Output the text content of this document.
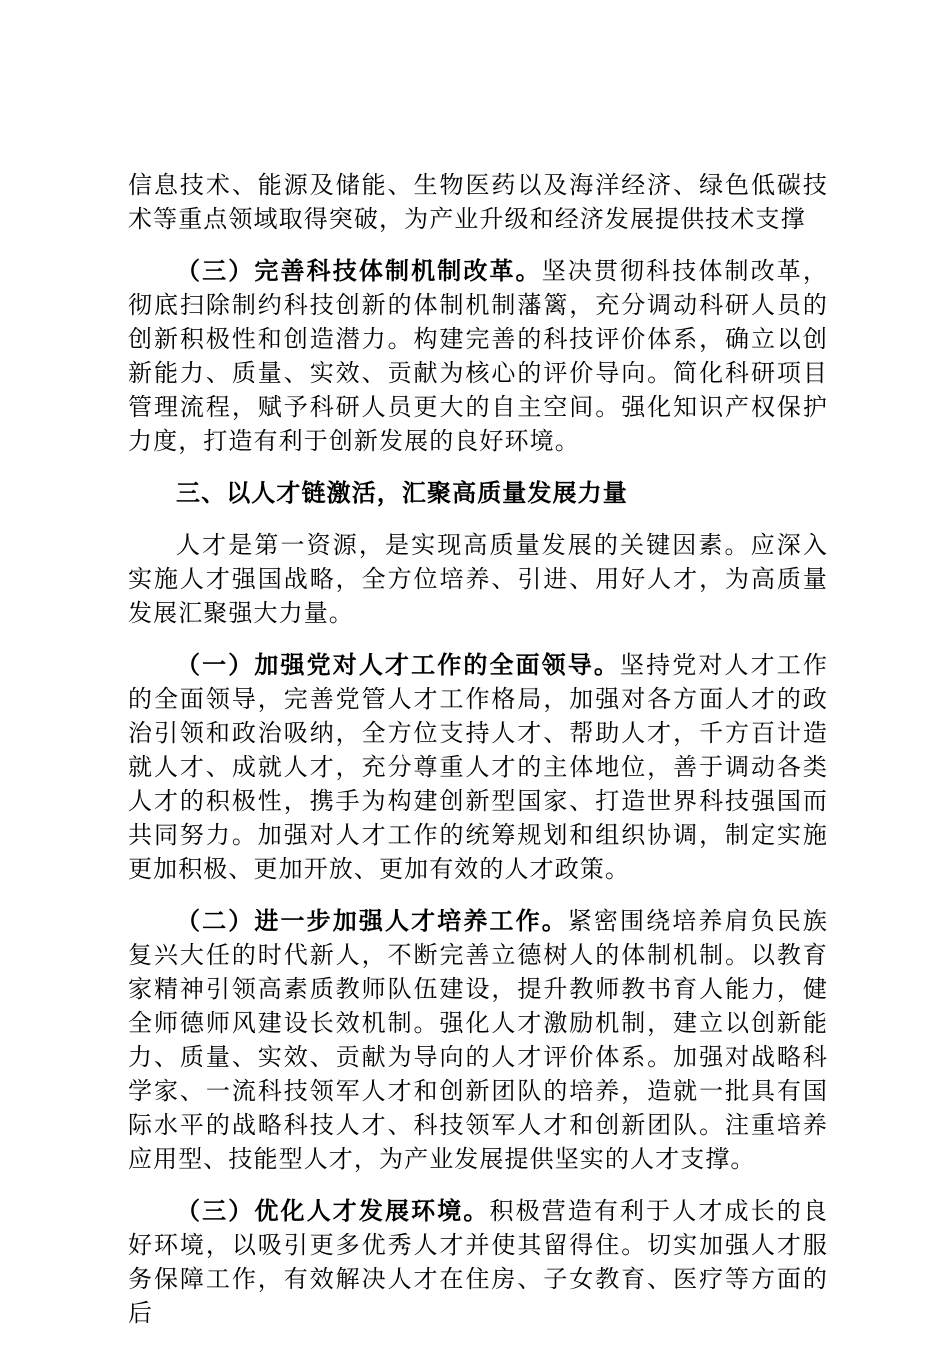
信息技术、能源及储能、生物医药以及海洋经济、绿色低碳技术等重点领域取得突破，为产业升级和经济发展提供技术支撑

（三）完善科技体制机制改革。坚决贯彻科技体制改革，彻底扫除制约科技创新的体制机制藩篱，充分调动科研人员的创新积极性和创造潜力。构建完善的科技评价体系，确立以创新能力、质量、实效、贡献为核心的评价导向。简化科研项目管理流程，赋予科研人员更大的自主空间。强化知识产权保护力度，打造有利于创新发展的良好环境。

三、以人才链激活，汇聚高质量发展力量

人才是第一资源，是实现高质量发展的关键因素。应深入实施人才强国战略，全方位培养、引进、用好人才，为高质量发展汇聚强大力量。

（一）加强党对人才工作的全面领导。坚持党对人才工作的全面领导，完善党管人才工作格局，加强对各方面人才的政治引领和政治吸纳，全方位支持人才、帮助人才，千方百计造就人才、成就人才，充分尊重人才的主体地位，善于调动各类人才的积极性，携手为构建创新型国家、打造世界科技强国而共同努力。加强对人才工作的统筹规划和组织协调，制定实施更加积极、更加开放、更加有效的人才政策。

（二）进一步加强人才培养工作。紧密围绕培养肩负民族复兴大任的时代新人，不断完善立德树人的体制机制。以教育家精神引领高素质教师队伍建设，提升教师教书育人能力，健全师德师风建设长效机制。强化人才激励机制，建立以创新能力、质量、实效、贡献为导向的人才评价体系。加强对战略科学家、一流科技领军人才和创新团队的培养，造就一批具有国际水平的战略科技人才、科技领军人才和创新团队。注重培养应用型、技能型人才，为产业发展提供坚实的人才支撑。

（三）优化人才发展环境。积极营造有利于人才成长的良好环境，以吸引更多优秀人才并使其留得住。切实加强人才服务保障工作，有效解决人才在住房、子女教育、医疗等方面的后
